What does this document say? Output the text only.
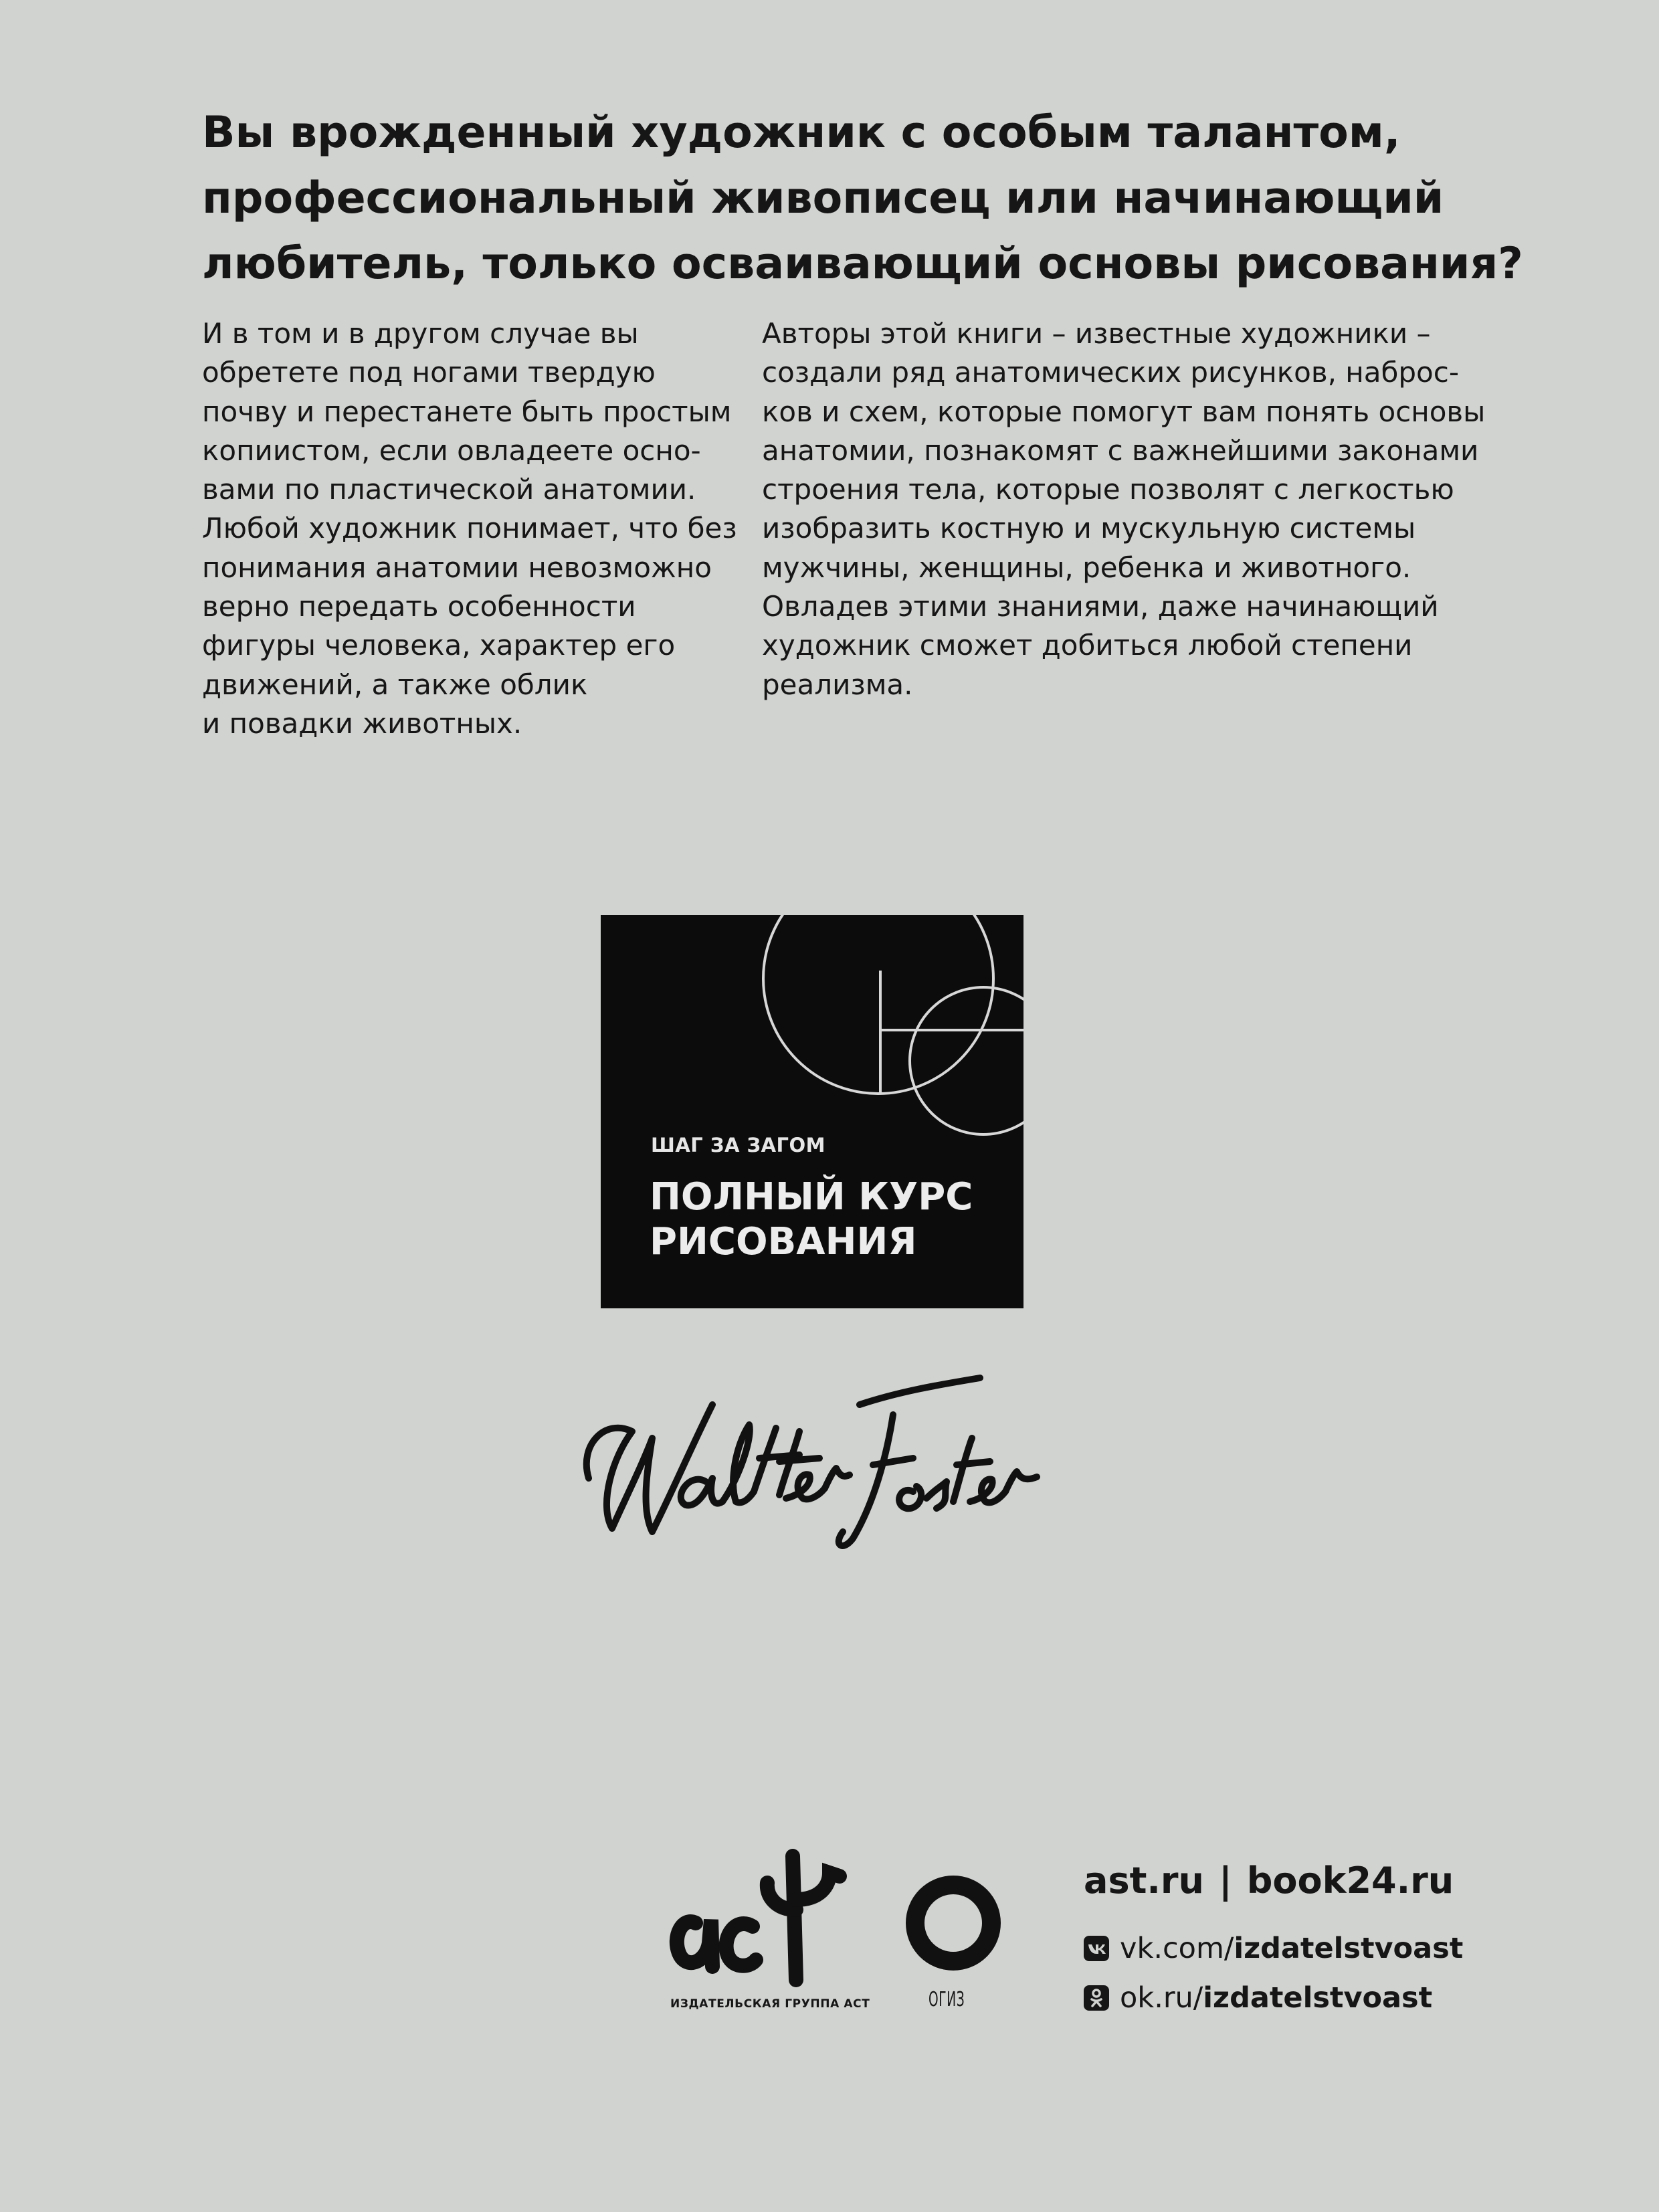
Вы врожденный художник с особым талантом,
профессиональный живописец или начинающий
любитель, только осваивающий основы рисования?
И в том и в другом случае вы
обретете под ногами твердую
почву и перестанете быть простым
копиистом, если овладеете осно-
вами по пластической анатомии.
Любой художник понимает, что без
понимания анатомии невозможно
верно передать особенности
фигуры человека, характер его
движений, а также облик
и повадки животных.
Авторы этой книги – известные художники –
создали ряд анатомических рисунков, наброс-
ков и схем, которые помогут вам понять основы
анатомии, познакомят с важнейшими законами
строения тела, которые позволят с легкостью
изобразить костную и мускульную системы
мужчины, женщины, ребенка и животного.
Овладев этими знаниями, даже начинающий
художник сможет добиться любой степени
реализма.
ШАГ ЗА ЗАГОМ
ПОЛНЫЙ КУРС
РИСОВАНИЯ
ИЗДАТЕЛЬСКАЯ ГРУППА АСТ	ОГИЗ
ast.ru | book24.ru
vk.com/ izdatelstvoast
ok.ru/ izdatelstvoast
